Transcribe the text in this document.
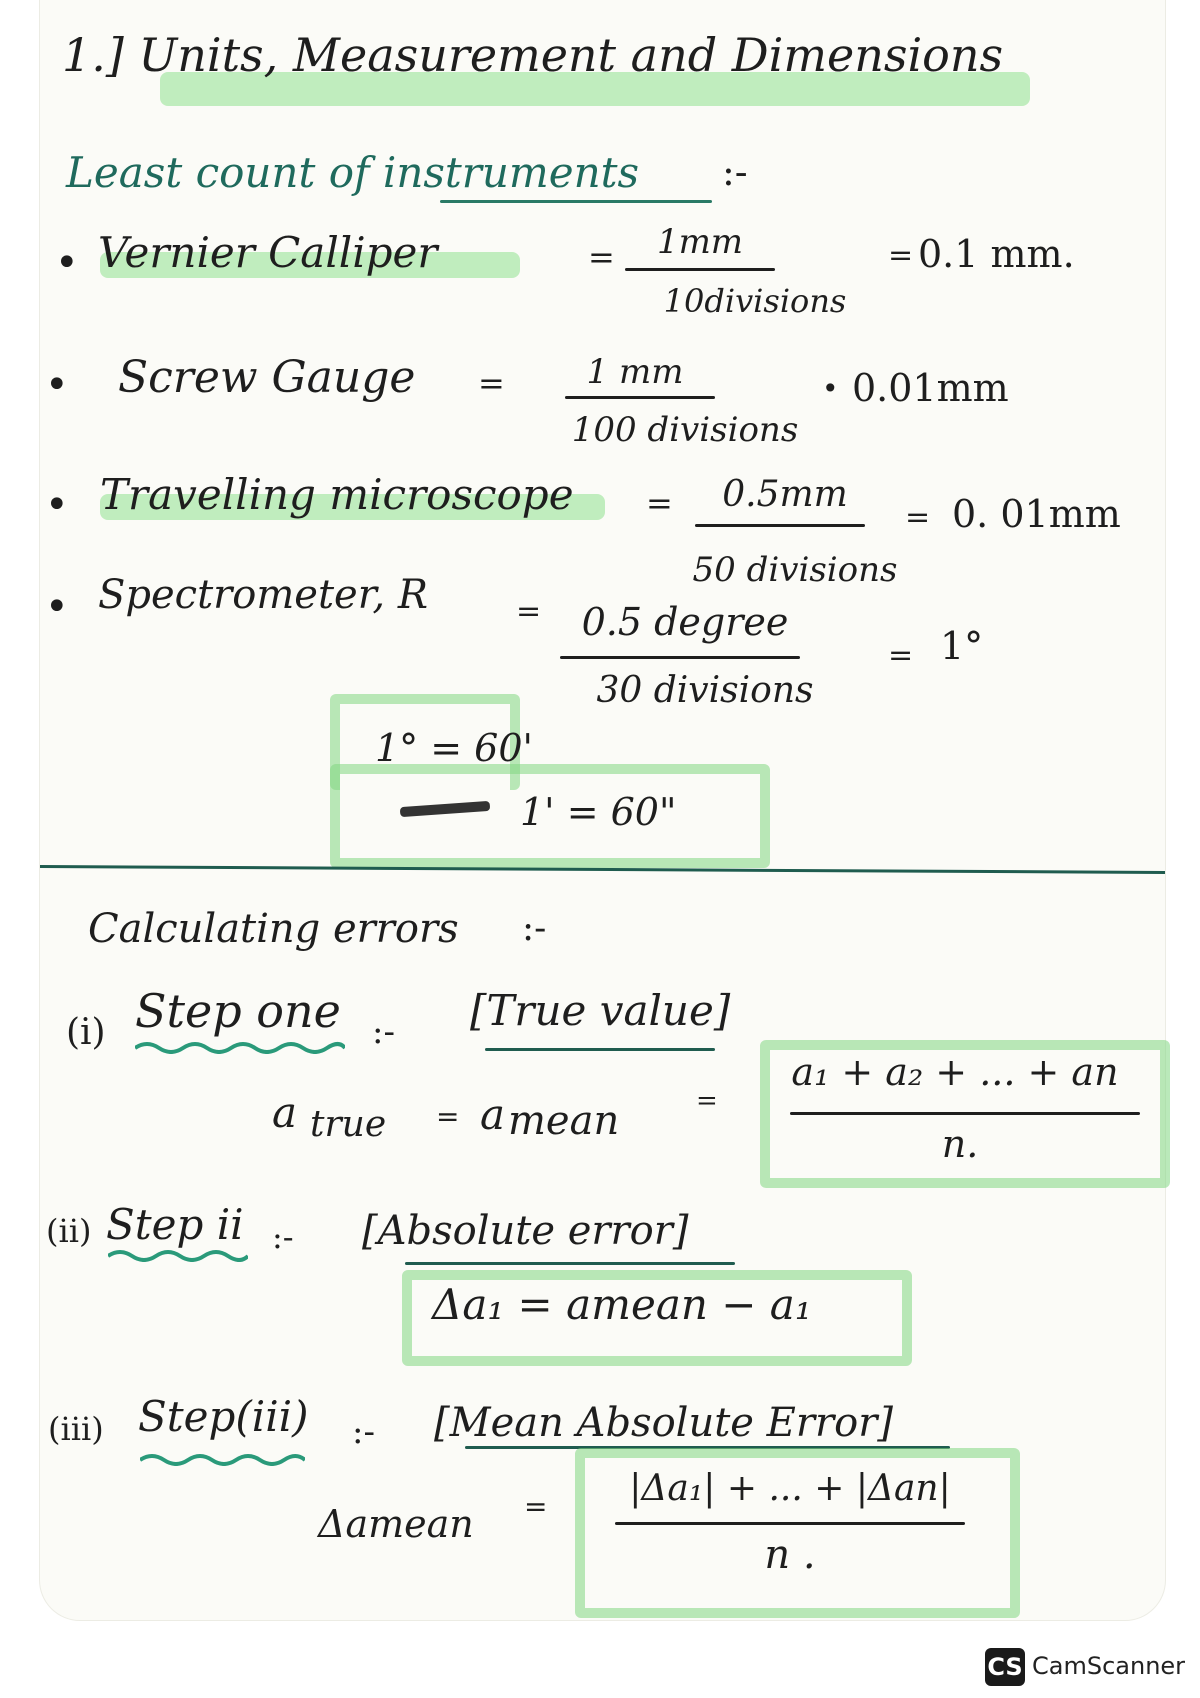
1.] Units, Measurement and Dimensions
Least count of instruments :-
• Vernier Calliper	=	1mm
10divisions
= 0.1 mm.
• Screw Gauge =	1 mm
100 divisions
• 0.01mm
• Travelling microscope =	0.5mm
50 divisions
= 0. 01mm
• Spectrometer, R	=	0.5 degree
30 divisions
= 1°
1° = 60'
1' = 60"
Calculating errors :-
(i) Step one :- [True value]
a true = a mean	=
a₁ + a₂ + ... + an
n.
(ii) Step ii :- [Absolute error]
Δa₁ = amean − a₁
(iii) Step(iii) :- [Mean Absolute Error]
Δamean =	|Δa₁| + ... + |Δan|
n .
CS CamScanner
